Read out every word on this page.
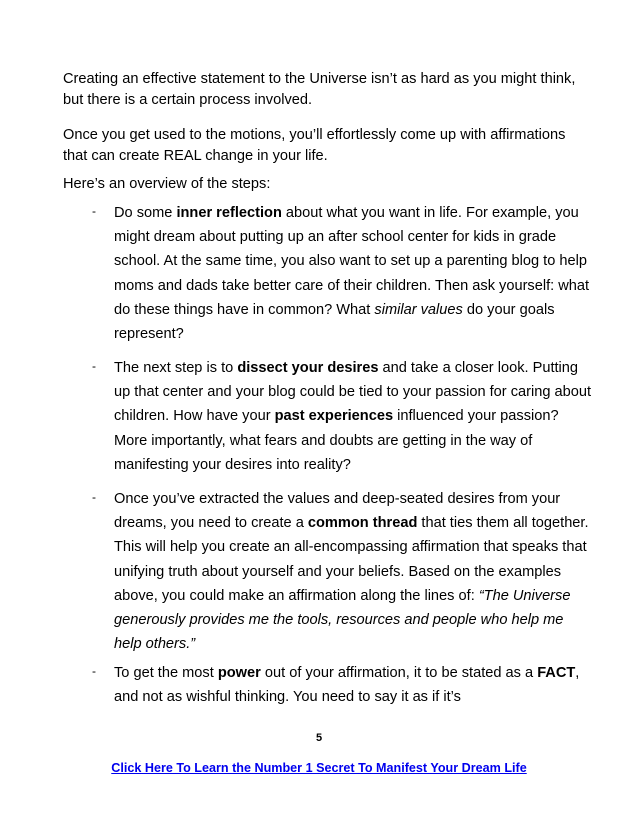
Creating an effective statement to the Universe isn’t as hard as you might think, but there is a certain process involved.

Once you get used to the motions, you’ll effortlessly come up with affirmations that can create REAL change in your life.

Here’s an overview of the steps:

- Do some inner reflection about what you want in life. For example, you might dream about putting up an after school center for kids in grade school. At the same time, you also want to set up a parenting blog to help moms and dads take better care of their children. Then ask yourself: what do these things have in common? What similar values do your goals represent?

- The next step is to dissect your desires and take a closer look. Putting up that center and your blog could be tied to your passion for caring about children. How have your past experiences influenced your passion? More importantly, what fears and doubts are getting in the way of manifesting your desires into reality?

- Once you’ve extracted the values and deep-seated desires from your dreams, you need to create a common thread that ties them all together. This will help you create an all-encompassing affirmation that speaks that unifying truth about yourself and your beliefs. Based on the examples above, you could make an affirmation along the lines of: “The Universe generously provides me the tools, resources and people who help me help others.”

- To get the most power out of your affirmation, it to be stated as a FACT, and not as wishful thinking. You need to say it as if it’s

5
Click Here To Learn the Number 1 Secret To Manifest Your Dream Life
